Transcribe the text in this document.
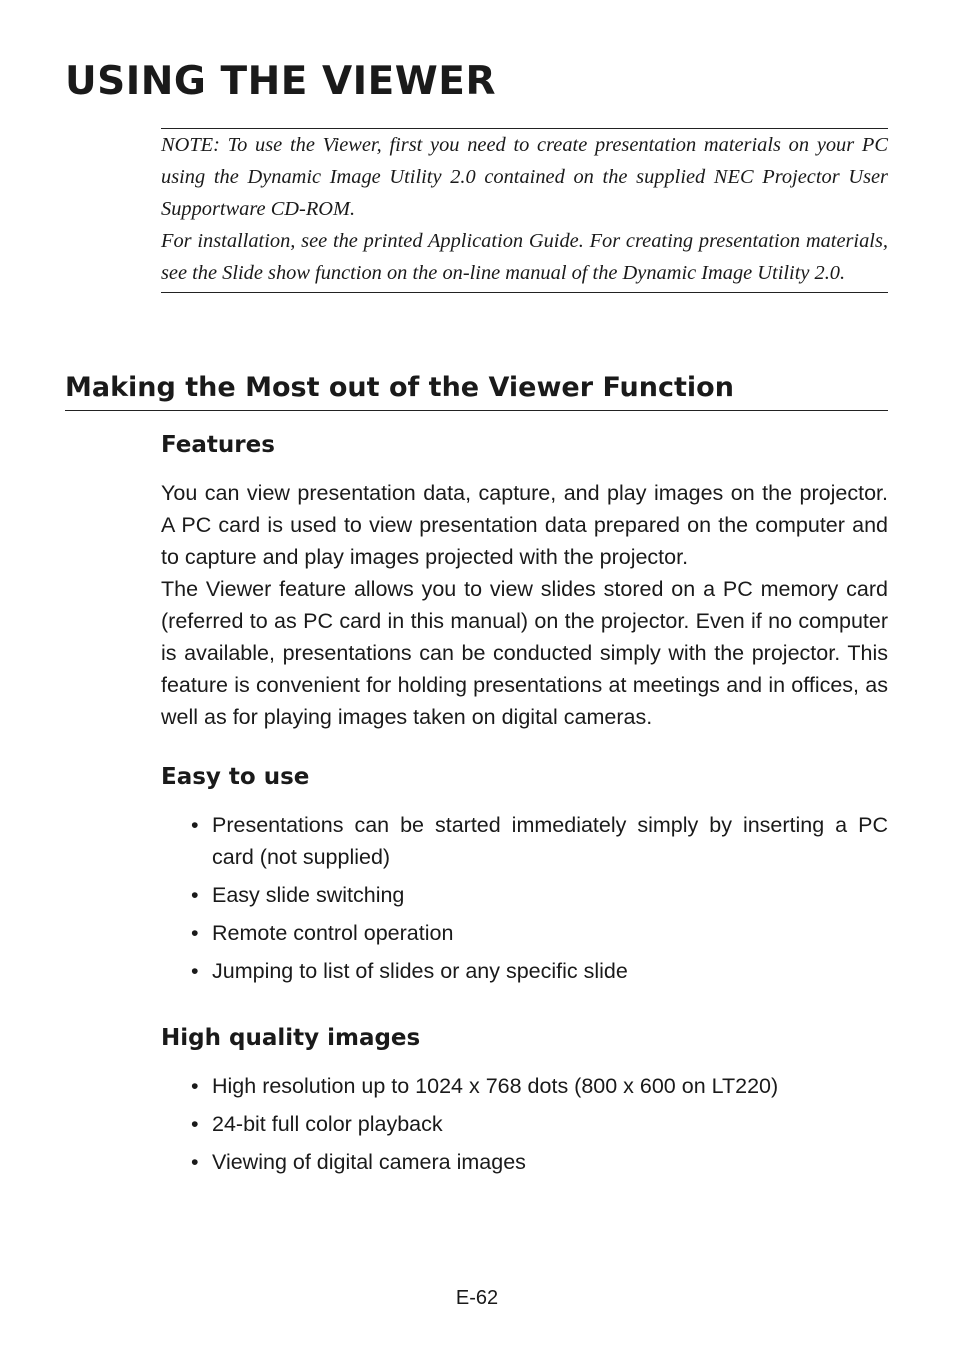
USING THE VIEWER

NOTE: To use the Viewer, first you need to create presentation materials on your PC using the Dynamic Image Utility 2.0 contained on the supplied NEC Projector User Supportware CD-ROM.

For installation, see the printed Application Guide. For creating presentation materials, see the Slide show function on the on-line manual of the Dynamic Image Utility 2.0.

Making the Most out of the Viewer Function
Features

You can view presentation data, capture, and play images on the projector. A PC card is used to view presentation data prepared on the computer and to capture and play images projected with the projector.

The Viewer feature allows you to view slides stored on a PC memory card (referred to as PC card in this manual) on the projector. Even if no computer is available, presentations can be conducted simply with the projector. This feature is convenient for holding presentations at meetings and in offices, as well as for playing images taken on digital cameras.

Easy to use
• Presentations can be started immediately simply by inserting a PC card (not supplied)
• Easy slide switching
• Remote control operation
• Jumping to list of slides or any specific slide
High quality images
• High resolution up to 1024 x 768 dots (800 x 600 on LT220)
• 24-bit full color playback
• Viewing of digital camera images
E-62
